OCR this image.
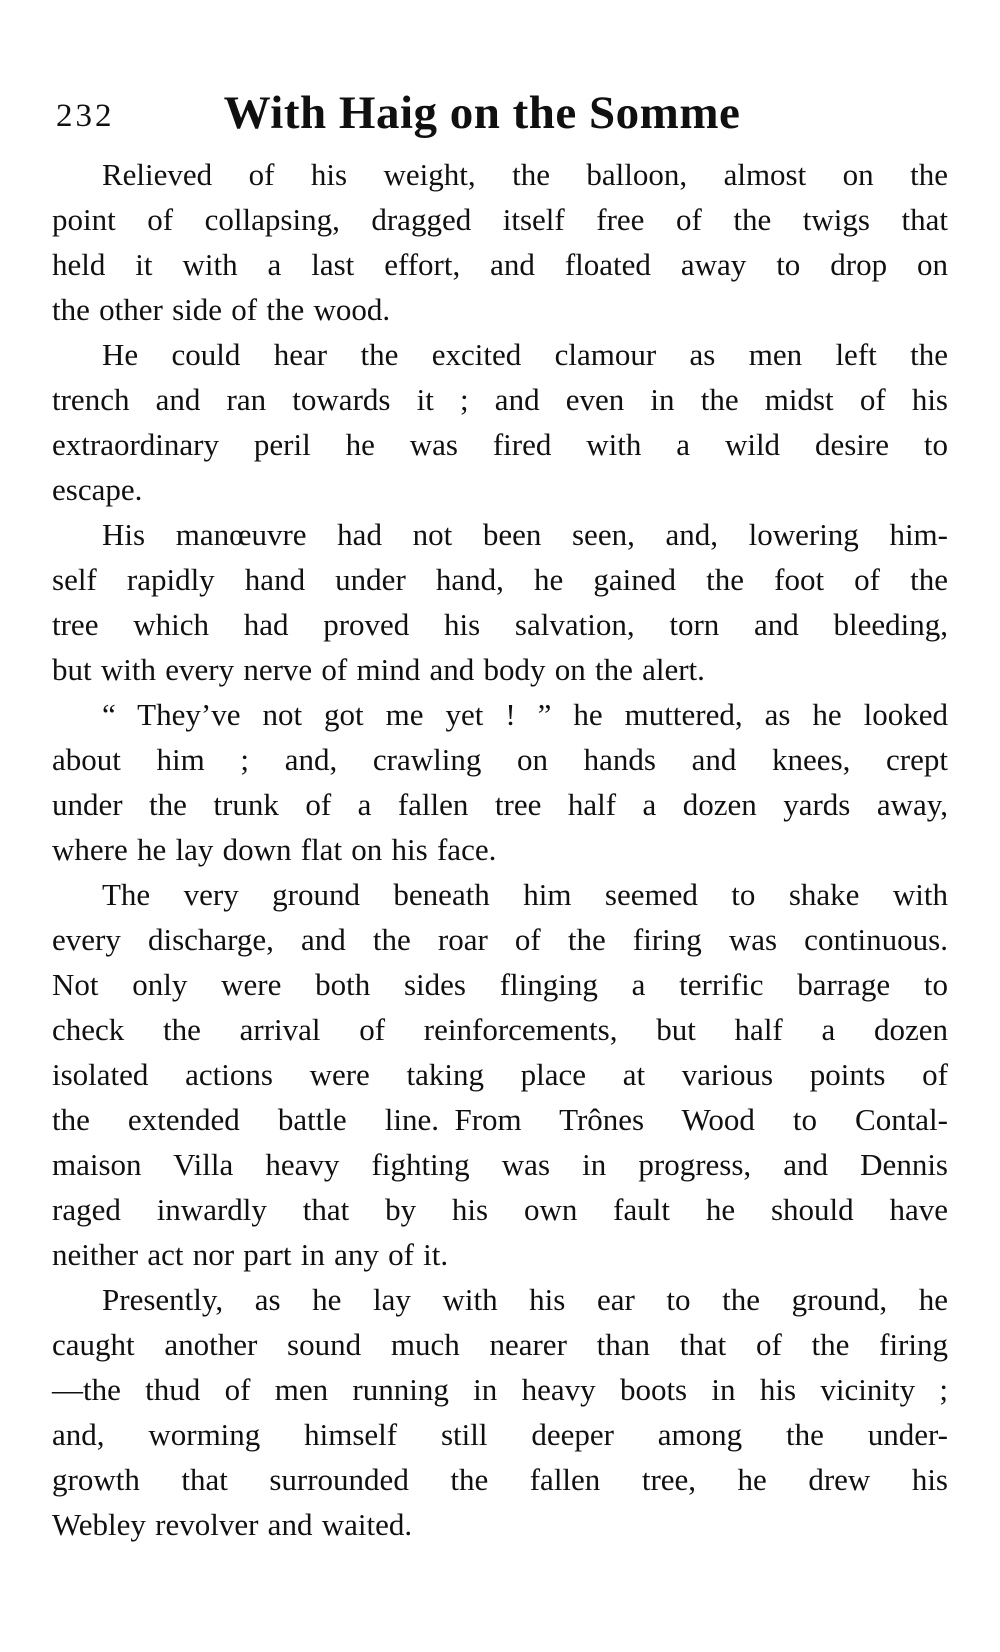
232	With Haig on the Somme
Relieved of his weight, the balloon, almost on the
point of collapsing, dragged itself free of the twigs that
held it with a last effort, and floated away to drop on
the other side of the wood.
He could hear the excited clamour as men left the
trench and ran towards it ; and even in the midst of his
extraordinary peril he was fired with a wild desire to
escape.
His manœuvre had not been seen, and, lowering him-
self rapidly hand under hand, he gained the foot of the
tree which had proved his salvation, torn and bleeding,
but with every nerve of mind and body on the alert.
“ They’ve not got me yet ! ” he muttered, as he looked
about him ; and, crawling on hands and knees, crept
under the trunk of a fallen tree half a dozen yards away,
where he lay down flat on his face.
The very ground beneath him seemed to shake with
every discharge, and the roar of the firing was continuous.
Not only were both sides flinging a terrific barrage to
check the arrival of reinforcements, but half a dozen
isolated actions were taking place at various points of
the extended battle line. From Trônes Wood to Contal-
maison Villa heavy fighting was in progress, and Dennis
raged inwardly that by his own fault he should have
neither act nor part in any of it.
Presently, as he lay with his ear to the ground, he
caught another sound much nearer than that of the firing
—the thud of men running in heavy boots in his vicinity ;
and, worming himself still deeper among the under-
growth that surrounded the fallen tree, he drew his
Webley revolver and waited.
